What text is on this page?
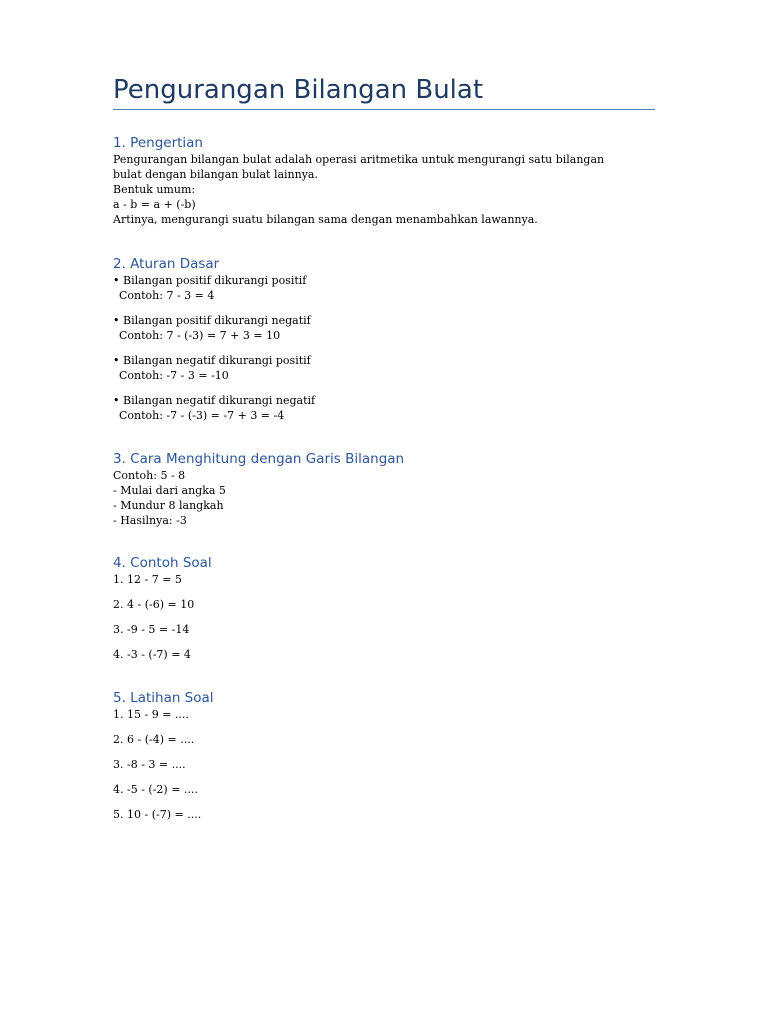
Pengurangan Bilangan Bulat
1. Pengertian

Pengurangan bilangan bulat adalah operasi aritmetika untuk mengurangi satu bilangan

bulat dengan bilangan bulat lainnya.

Bentuk umum:

a - b = a + (-b)

Artinya, mengurangi suatu bilangan sama dengan menambahkan lawannya.

2. Aturan Dasar

• Bilangan positif dikurangi positif

Contoh: 7 - 3 = 4

• Bilangan positif dikurangi negatif

Contoh: 7 - (-3) = 7 + 3 = 10

• Bilangan negatif dikurangi positif

Contoh: -7 - 3 = -10

• Bilangan negatif dikurangi negatif

Contoh: -7 - (-3) = -7 + 3 = -4

3. Cara Menghitung dengan Garis Bilangan

Contoh: 5 - 8

- Mulai dari angka 5

- Mundur 8 langkah

- Hasilnya: -3

4. Contoh Soal

1. 12 - 7 = 5

2. 4 - (-6) = 10

3. -9 - 5 = -14

4. -3 - (-7) = 4

5. Latihan Soal

1. 15 - 9 = ....

2. 6 - (-4) = ....

3. -8 - 3 = ....

4. -5 - (-2) = ....

5. 10 - (-7) = ....
